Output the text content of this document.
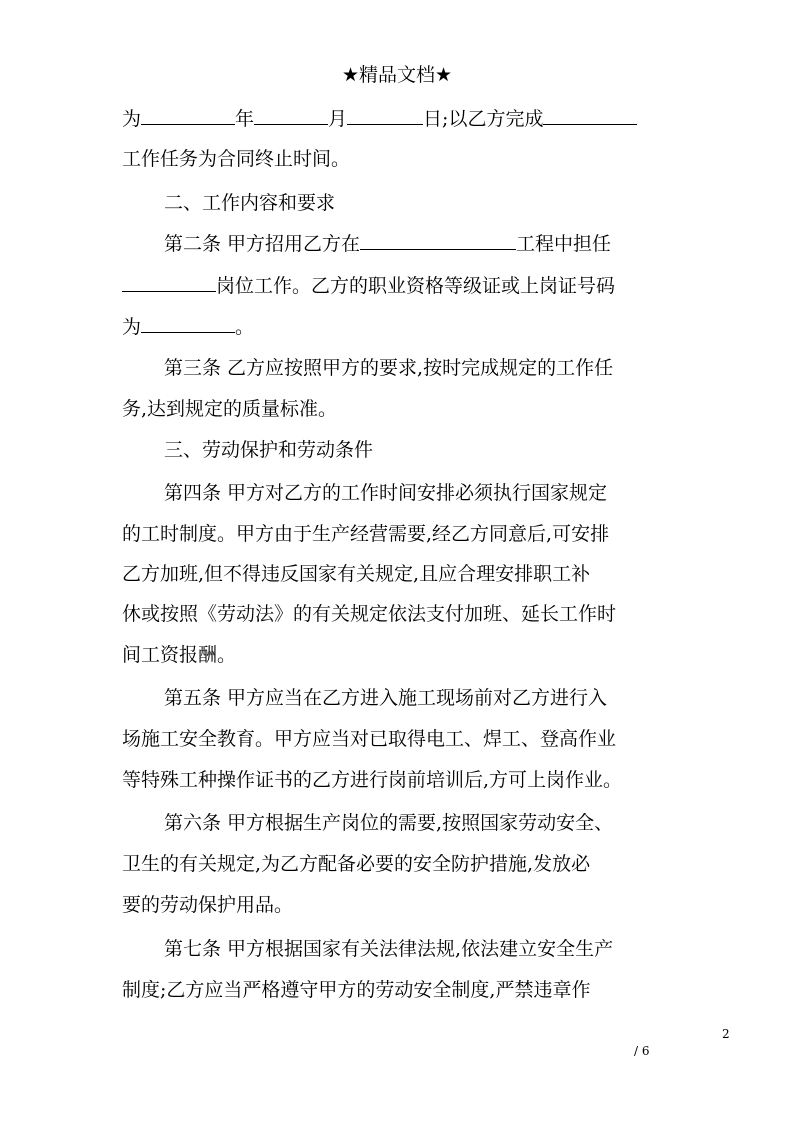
★精品文档★
为	年	月	日;以乙方完成
工作任务为合同终止时间。
二、工作内容和要求
第二条 甲方招用乙方在	工程中担任
岗位工作。乙方的职业资格等级证或上岗证号码
为	。
第三条 乙方应按照甲方的要求,按时完成规定的工作任
务,达到规定的质量标准。
三、劳动保护和劳动条件
第四条 甲方对乙方的工作时间安排必须执行国家规定
的工时制度。甲方由于生产经营需要,经乙方同意后,可安排
乙方加班,但不得违反国家有关规定,且应合理安排职工补
休或按照《劳动法》的有关规定依法支付加班、延长工作时
间工资报酬。
第五条 甲方应当在乙方进入施工现场前对乙方进行入
场施工安全教育。甲方应当对已取得电工、焊工、登高作业
等特殊工种操作证书的乙方进行岗前培训后,方可上岗作业。
第六条 甲方根据生产岗位的需要,按照国家劳动安全、
卫生的有关规定,为乙方配备必要的安全防护措施,发放必
要的劳动保护用品。
第七条 甲方根据国家有关法律法规,依法建立安全生产
制度;乙方应当严格遵守甲方的劳动安全制度,严禁违章作
2
/ 6
